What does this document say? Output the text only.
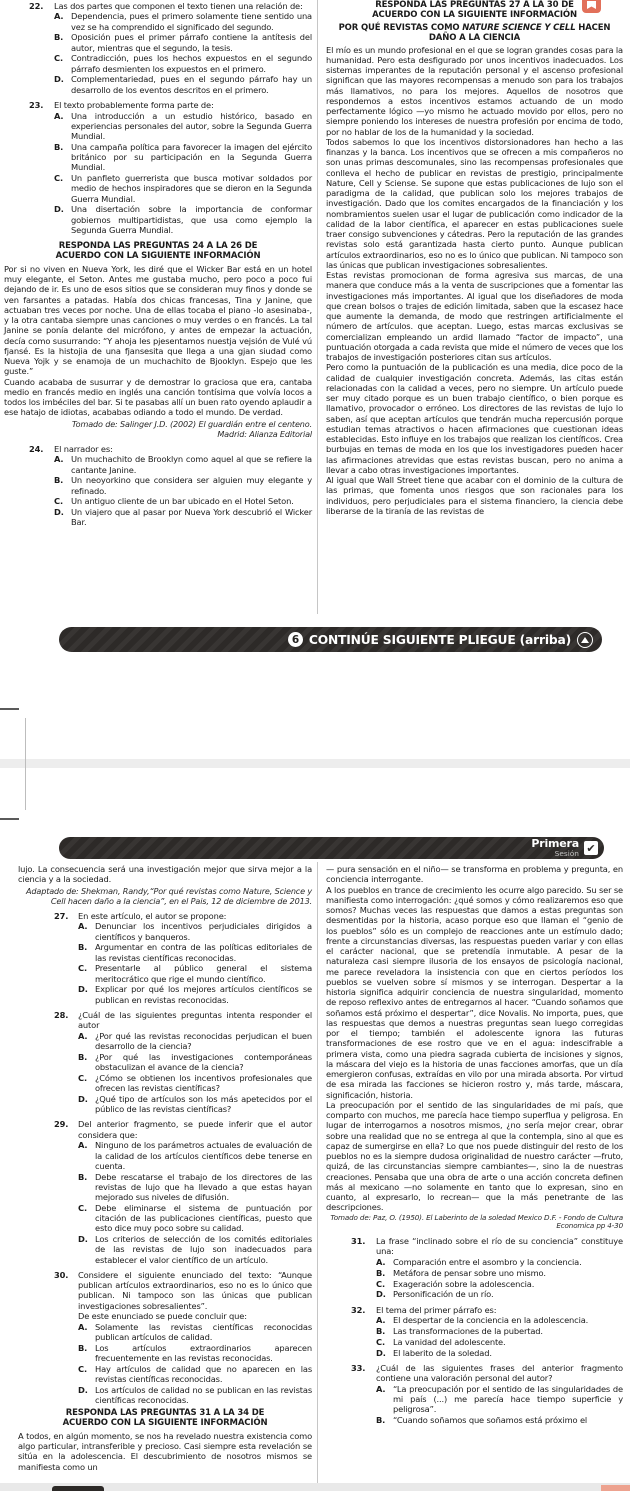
22. Las dos partes que componen el texto tienen una relación de:
A. Dependencia, pues el primero solamente tiene sentido una vez se ha comprendido el significado del segundo.
B. Oposición pues el primer párrafo contiene la antítesis del autor, mientras que el segundo, la tesis.
C. Contradicción, pues los hechos expuestos en el segundo párrafo desmienten los expuestos en el primero.
D. Complementariedad, pues en el segundo párrafo hay un desarrollo de los eventos descritos en el primero.
23. El texto probablemente forma parte de:
A. Una introducción a un estudio histórico, basado en experiencias personales del autor, sobre la Segunda Guerra Mundial.
B. Una campaña política para favorecer la imagen del ejército británico por su participación en la Segunda Guerra Mundial.
C. Un panfleto guerrerista que busca motivar soldados por medio de hechos inspiradores que se dieron en la Segunda Guerra Mundial.
D. Una disertación sobre la importancia de conformar gobiernos multipartidistas, que usa como ejemplo la Segunda Guerra Mundial.
RESPONDA LAS PREGUNTAS 24 A LA 26 DE
ACUERDO CON LA SIGUIENTE INFORMACIÓN
Por si no viven en Nueva York, les diré que el Wicker Bar está en un hotel muy elegante, el Seton. Antes me gustaba mucho, pero poco a poco fui dejando de ir. Es uno de esos sitios que se consideran muy finos y donde se ven farsantes a patadas. Había dos chicas francesas, Tina y Janine, que actuaban tres veces por noche. Una de ellas tocaba el piano -lo asesinaba-, y la otra cantaba siempre unas canciones o muy verdes o en francés. La tal Janine se ponía delante del micrófono, y antes de empezar la actuación, decía como susurrando: “Y ahoja les pjesentamos nuestja vejsión de Vulé vú fjansé. Es la histojia de una fjansesita que llega a una gjan siudad como Nueva Yojk y se enamoja de un muchachito de Bjooklyn. Espejo que les guste.”
Cuando acababa de susurrar y de demostrar lo graciosa que era, cantaba medio en francés medio en inglés una canción tontísima que volvía locos a todos los imbéciles del bar. Si te pasabas allí un buen rato oyendo aplaudir a ese hatajo de idiotas, acababas odiando a todo el mundo. De verdad.
Tomado de: Salinger J.D. (2002) El guardián entre el centeno.
Madrid: Alianza Editorial
24. El narrador es:
A. Un muchachito de Brooklyn como aquel al que se refiere la cantante Janine.
B. Un neoyorkino que considera ser alguien muy elegante y refinado.
C. Un antiguo cliente de un bar ubicado en el Hotel Seton.
D. Un viajero que al pasar por Nueva York descubrió el Wicker Bar.
RESPONDA LAS PREGUNTAS 27 A LA 30 DE
ACUERDO CON LA SIGUIENTE INFORMACIÓN
POR QUÉ REVISTAS COMO NATURE SCIENCE Y CELL HACEN DAÑO A LA CIENCIA
El mío es un mundo profesional en el que se logran grandes cosas para la humanidad. Pero esta desfigurado por unos incentivos inadecuados. Los sistemas imperantes de la reputación personal y el ascenso profesional significan que las mayores recompensas a menudo son para los trabajos más llamativos, no para los mejores. Aquellos de nosotros que respondemos a estos incentivos estamos actuando de un modo perfectamente lógico —yo mismo he actuado movido por ellos, pero no siempre poniendo los intereses de nuestra profesión por encima de todo, por no hablar de los de la humanidad y la sociedad.
Todos sabemos lo que los incentivos distorsionadores han hecho a las finanzas y la banca. Los incentivos que se ofrecen a mis compañeros no son unas primas descomunales, sino las recompensas profesionales que conlleva el hecho de publicar en revistas de prestigio, principalmente Nature, Cell y Sciense. Se supone que estas publicaciones de lujo son el paradigma de la calidad, que publican solo los mejores trabajos de investigación. Dado que los comites encargados de la financiación y los nombramientos suelen usar el lugar de publicación como indicador de la calidad de la labor científica, el aparecer en estas publicaciones suele traer consigo subvenciones y cátedras. Pero la reputación de las grandes revistas solo está garantizada hasta cierto punto. Aunque publican artículos extraordinarios, eso no es lo único que publican. Ni tampoco son las únicas que publican investigaciones sobresalientes.
Estas revistas promocionan de forma agresiva sus marcas, de una manera que conduce más a la venta de suscripciones que a fomentar las investigaciones más importantes. Al igual que los diseñadores de moda que crean bolsos o trajes de edición limitada, saben que la escasez hace que aumente la demanda, de modo que restringen artificialmente el número de artículos. que aceptan. Luego, estas marcas exclusivas se comercializan empleando un ardid llamado “factor de impacto”, una puntuación otorgada a cada revista que mide el número de veces que los trabajos de investigación posteriores citan sus artículos.
Pero como la puntuación de la publicación es una media, dice poco de la calidad de cualquier investigación concreta. Además, las citas están relacionadas con la calidad a veces, pero no siempre. Un artículo puede ser muy citado porque es un buen trabajo científico, o bien porque es llamativo, provocador o erróneo. Los directores de las revistas de lujo lo saben, así que aceptan artículos que tendrán mucha repercusión porque estudian temas atractivos o hacen afirmaciones que cuestionan ideas establecidas. Esto influye en los trabajos que realizan los científicos. Crea burbujas en temas de moda en los que los investigadores pueden hacer las afirmaciones atrevidas que estas revistas buscan, pero no anima a llevar a cabo otras investigaciones importantes.
Al igual que Wall Street tiene que acabar con el dominio de la cultura de las primas, que fomenta unos riesgos que son racionales para los individuos, pero perjudiciales para el sistema financiero, la ciencia debe liberarse de la tiranía de las revistas de
6 CONTINÚE SIGUIENTE PLIEGUE (arriba)
Primera
Sesión ✔
lujo. La consecuencia será una investigación mejor que sirva mejor a la ciencia y a la sociedad.
Adaptado de: Shekman, Randy,“Por qué revistas como Nature, Science y Cell hacen daño a la ciencia”, en el Pais, 12 de diciembre de 2013.
27. En este artículo, el autor se propone:
A. Denunciar los incentivos perjudiciales dirigidos a científicos y banqueros.
B. Argumentar en contra de las políticas editoriales de las revistas científicas reconocidas.
C. Presentarle al público general el sistema meritocrático que rige el mundo científico.
D. Explicar por qué los mejores artículos científicos se publican en revistas reconocidas.
28. ¿Cuál de las siguientes preguntas intenta responder el autor
A. ¿Por qué las revistas reconocidas perjudican el buen desarrollo de la ciencia?
B. ¿Por qué las investigaciones contemporáneas obstaculizan el avance de la ciencia?
C. ¿Cómo se obtienen los incentivos profesionales que ofrecen las revistas científicas?
D. ¿Qué tipo de artículos son los más apetecidos por el público de las revistas científicas?
29. Del anterior fragmento, se puede inferir que el autor considera que:
A. Ninguno de los parámetros actuales de evaluación de la calidad de los artículos científicos debe tenerse en cuenta.
B. Debe rescatarse el trabajo de los directores de las revistas de lujo que ha llevado a que estas hayan mejorado sus niveles de difusión.
C. Debe eliminarse el sistema de puntuación por citación de las publicaciones científicas, puesto que esto dice muy poco sobre su calidad.
D. Los criterios de selección de los comités editoriales de las revistas de lujo son inadecuados para establecer el valor científico de un artículo.
30. Considere el siguiente enunciado del texto: “Aunque publican artículos extraordinarios, eso no es lo único que publican. Ni tampoco son las únicas que publican investigaciones sobresalientes”.
De este enunciado se puede concluir que:
A. Solamente las revistas científicas reconocidas publican artículos de calidad.
B. Los artículos extraordinarios aparecen frecuentemente en las revistas reconocidas.
C. Hay artículos de calidad que no aparecen en las revistas científicas reconocidas.
D. Los artículos de calidad no se publican en las revistas científicas reconocidas.
RESPONDA LAS PREGUNTAS 31 A LA 34 DE
ACUERDO CON LA SIGUIENTE INFORMACIÓN
A todos, en algún momento, se nos ha revelado nuestra existencia como algo particular, intransferible y precioso. Casi siempre esta revelación se sitúa en la adolescencia. El descubrimiento de nosotros mismos se manifiesta como un
— pura sensación en el niño— se transforma en problema y pregunta, en conciencia interrogante.
A los pueblos en trance de crecimiento les ocurre algo parecido. Su ser se manifiesta como interrogación: ¿qué somos y cómo realizaremos eso que somos? Muchas veces las respuestas que damos a estas preguntas son desmentidas por la historia, acaso porque eso que llaman el “genio de los pueblos” sólo es un complejo de reacciones ante un estímulo dado; frente a circunstancias diversas, las respuestas pueden variar y con ellas el carácter nacional, que se pretendía inmutable. A pesar de la naturaleza casi siempre ilusoria de los ensayos de psicología nacional, me parece reveladora la insistencia con que en ciertos períodos los pueblos se vuelven sobre sí mismos y se interrogan. Despertar a la historia significa adquirir conciencia de nuestra singularidad, momento de reposo reflexivo antes de entregarnos al hacer. “Cuando soñamos que soñamos está próximo el despertar”, dice Novalis. No importa, pues, que las respuestas que demos a nuestras preguntas sean luego corregidas por el tiempo; también el adolescente ignora las futuras transformaciones de ese rostro que ve en el agua: indescifrable a primera vista, como una piedra sagrada cubierta de incisiones y signos, la máscara del viejo es la historia de unas facciones amorfas, que un día emergieron confusas, extraídas en vilo por una mirada absorta. Por virtud de esa mirada las facciones se hicieron rostro y, más tarde, máscara, significación, historia.
La preocupación por el sentido de las singularidades de mi país, que comparto con muchos, me parecía hace tiempo superflua y peligrosa. En lugar de interrogarnos a nosotros mismos, ¿no sería mejor crear, obrar sobre una realidad que no se entrega al que la contempla, sino al que es capaz de sumergirse en ella? Lo que nos puede distinguir del resto de los pueblos no es la siempre dudosa originalidad de nuestro carácter —fruto, quizá, de las circunstancias siempre cambiantes—, sino la de nuestras creaciones. Pensaba que una obra de arte o una acción concreta definen más al mexicano —no solamente en tanto que lo expresan, sino en cuanto, al expresarlo, lo recrean— que la más penetrante de las descripciones.
Tomado de: Paz, O. (1950). El Laberinto de la soledad Mexico D.F. - Fondo de Cultura Economica pp 4-30
31. La frase “inclinado sobre el río de su conciencia” constituye una:
A. Comparación entre el asombro y la conciencia.
B. Metáfora de pensar sobre uno mismo.
C. Exageración sobre la adolescencia.
D. Personificación de un río.
32. El tema del primer párrafo es:
A. El despertar de la conciencia en la adolescencia.
B. Las transformaciones de la pubertad.
C. La vanidad del adolescente.
D. El laberito de la soledad.
33. ¿Cuál de las siguientes frases del anterior fragmento contiene una valoración personal del autor?
A. “La preocupación por el sentido de las singularidades de mi país (...) me parecía hace tiempo superficie y peligrosa”.
B. “Cuando soñamos que soñamos está próximo el
